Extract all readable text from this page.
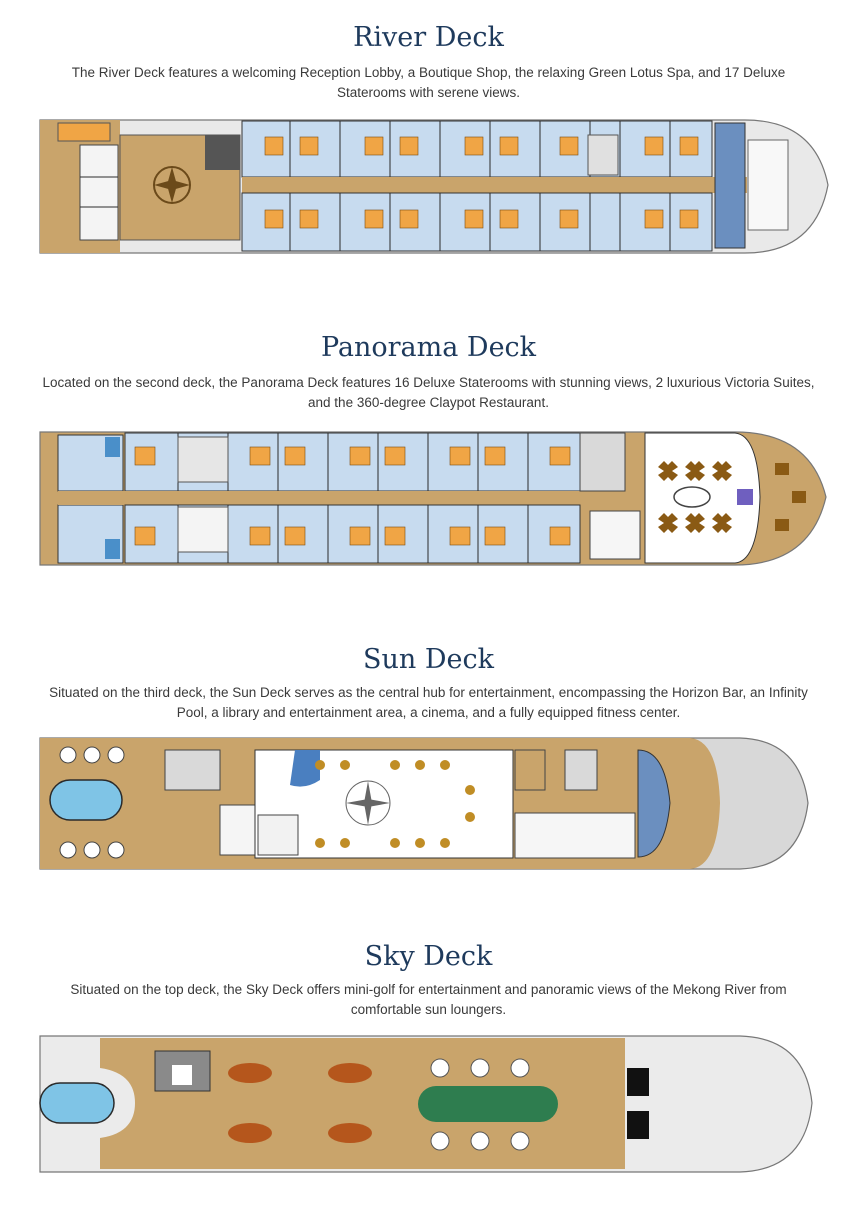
River Deck

The River Deck features a welcoming Reception Lobby, a Boutique Shop, the relaxing Green Lotus Spa, and 17 Deluxe
Staterooms with serene views.

Panorama Deck

Located on the second deck, the Panorama Deck features 16 Deluxe Staterooms with stunning views, 2 luxurious Victoria Suites,
and the 360-degree Claypot Restaurant.

Sun Deck

Situated on the third deck, the Sun Deck serves as the central hub for entertainment, encompassing the Horizon Bar, an Infinity
Pool, a library and entertainment area, a cinema, and a fully equipped fitness center.

Sky Deck

Situated on the top deck, the Sky Deck offers mini-golf for entertainment and panoramic views of the Mekong River from
comfortable sun loungers.
